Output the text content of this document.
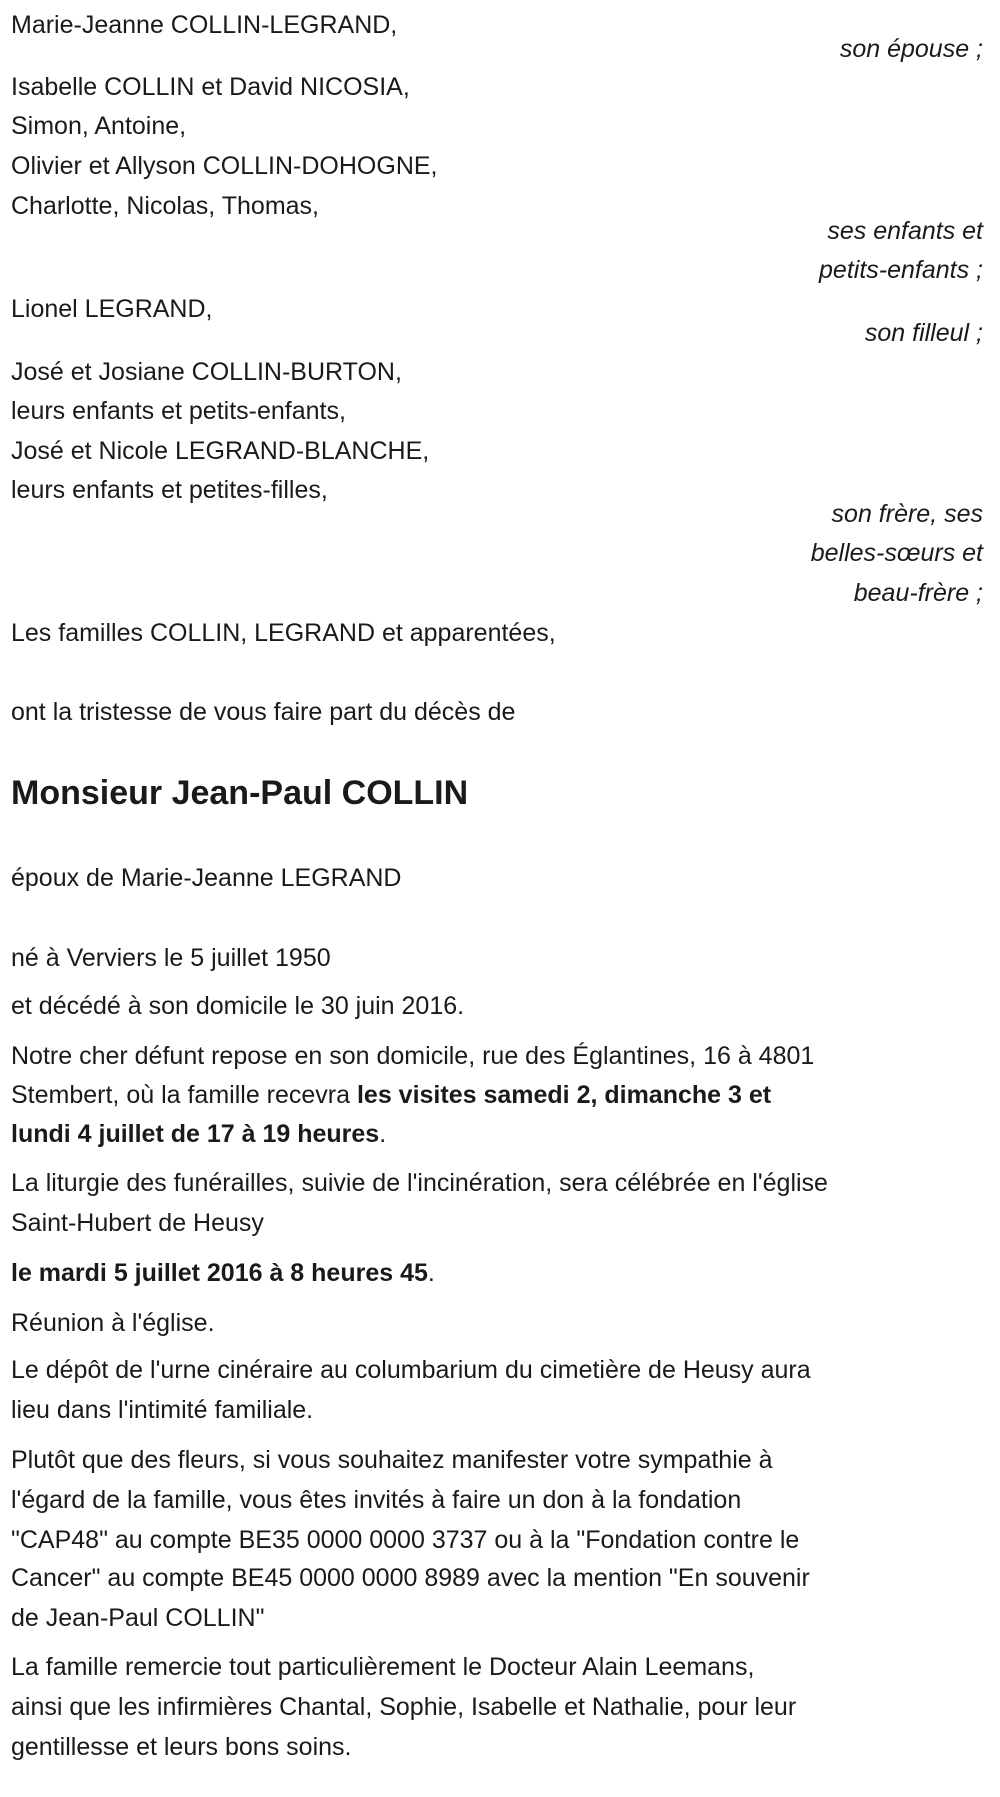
Marie-Jeanne COLLIN-LEGRAND,
son épouse ;
Isabelle COLLIN et David NICOSIA,
Simon, Antoine,
Olivier et Allyson COLLIN-DOHOGNE,
Charlotte, Nicolas, Thomas,
ses enfants et
petits-enfants ;
Lionel LEGRAND,
son filleul ;
José et Josiane COLLIN-BURTON,
leurs enfants et petits-enfants,
José et Nicole LEGRAND-BLANCHE,
leurs enfants et petites-filles,
son frère, ses
belles-sœurs et
beau-frère ;
Les familles COLLIN, LEGRAND et apparentées,
ont la tristesse de vous faire part du décès de
Monsieur Jean-Paul COLLIN
époux de Marie-Jeanne LEGRAND
né à Verviers le 5 juillet 1950
et décédé à son domicile le 30 juin 2016.
Notre cher défunt repose en son domicile, rue des Églantines, 16 à 4801
Stembert, où la famille recevra les visites samedi 2, dimanche 3 et
lundi 4 juillet de 17 à 19 heures.
La liturgie des funérailles, suivie de l'incinération, sera célébrée en l'église
Saint-Hubert de Heusy
le mardi 5 juillet 2016 à 8 heures 45.
Réunion à l'église.
Le dépôt de l'urne cinéraire au columbarium du cimetière de Heusy aura
lieu dans l'intimité familiale.
Plutôt que des fleurs, si vous souhaitez manifester votre sympathie à
l'égard de la famille, vous êtes invités à faire un don à la fondation
"CAP48" au compte BE35 0000 0000 3737 ou à la "Fondation contre le
Cancer" au compte BE45 0000 0000 8989 avec la mention "En souvenir
de Jean-Paul COLLIN"
La famille remercie tout particulièrement le Docteur Alain Leemans,
ainsi que les infirmières Chantal, Sophie, Isabelle et Nathalie, pour leur
gentillesse et leurs bons soins.
